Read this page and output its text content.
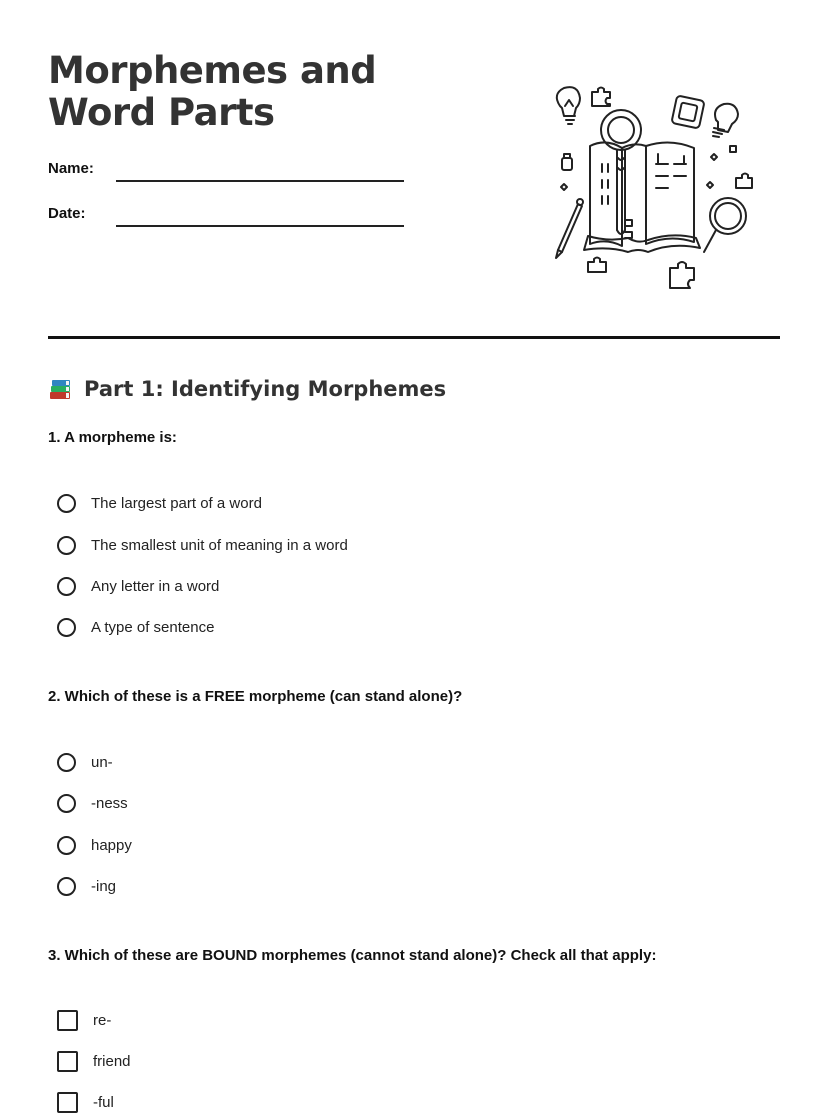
Morphemes and Word Parts
Name:
Date:
Part 1: Identifying Morphemes

1. A morpheme is:

The largest part of a word
The smallest unit of meaning in a word
Any letter in a word
A type of sentence

2. Which of these is a FREE morpheme (can stand alone)?

un-
-ness
happy
-ing

3. Which of these are BOUND morphemes (cannot stand alone)? Check all that apply:

re-
friend
-ful
